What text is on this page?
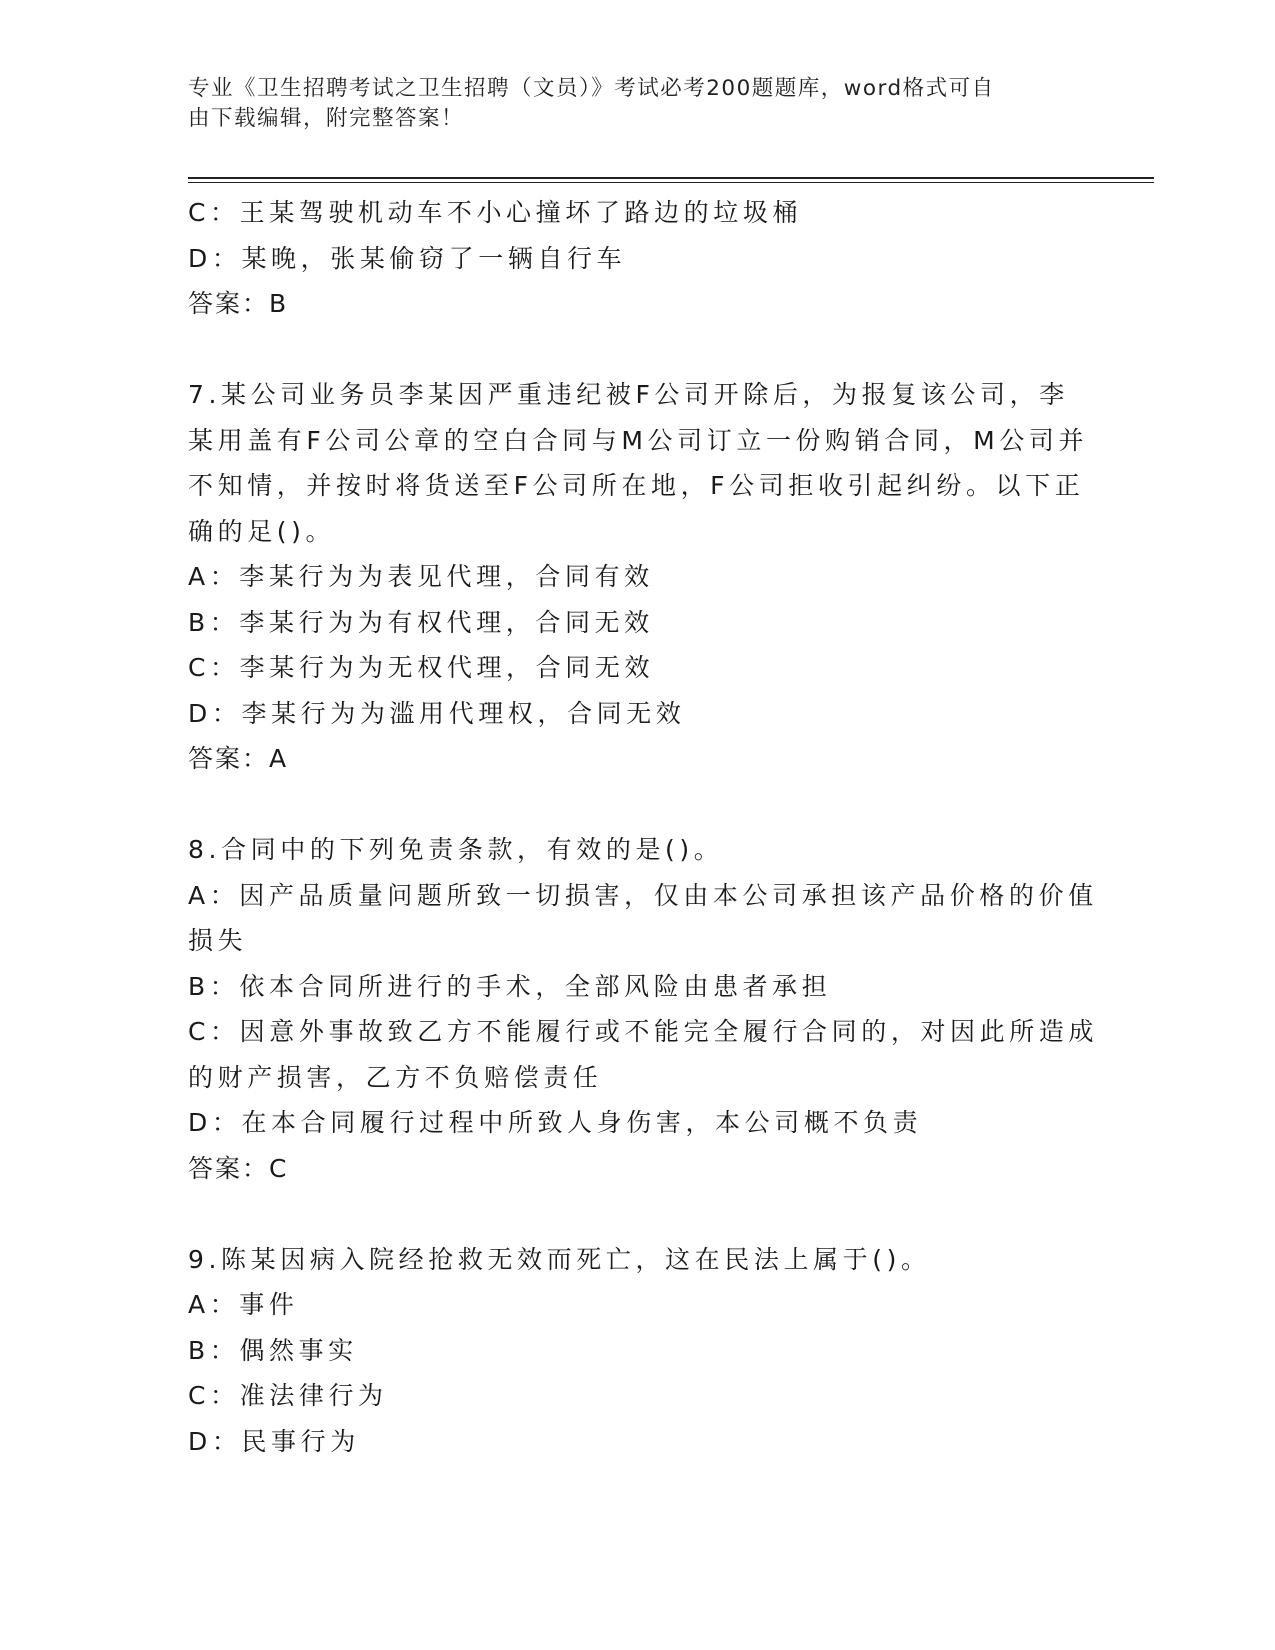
专业《卫生招聘考试之卫生招聘（文员）》考试必考200题题库，word格式可自
由下载编辑，附完整答案！
C：王某驾驶机动车不小心撞坏了路边的垃圾桶
D：某晚，张某偷窃了一辆自行车
答案：B
7.某公司业务员李某因严重违纪被F公司开除后，为报复该公司，李
某用盖有F公司公章的空白合同与M公司订立一份购销合同，M公司并
不知情，并按时将货送至F公司所在地，F公司拒收引起纠纷。以下正
确的足()。
A：李某行为为表见代理，合同有效
B：李某行为为有权代理，合同无效
C：李某行为为无权代理，合同无效
D：李某行为为滥用代理权，合同无效
答案：A
8.合同中的下列免责条款，有效的是()。
A：因产品质量问题所致一切损害，仅由本公司承担该产品价格的价值
损失
B：依本合同所进行的手术，全部风险由患者承担
C：因意外事故致乙方不能履行或不能完全履行合同的，对因此所造成
的财产损害，乙方不负赔偿责任
D：在本合同履行过程中所致人身伤害，本公司概不负责
答案：C
9.陈某因病入院经抢救无效而死亡，这在民法上属于()。
A：事件
B：偶然事实
C：准法律行为
D：民事行为
